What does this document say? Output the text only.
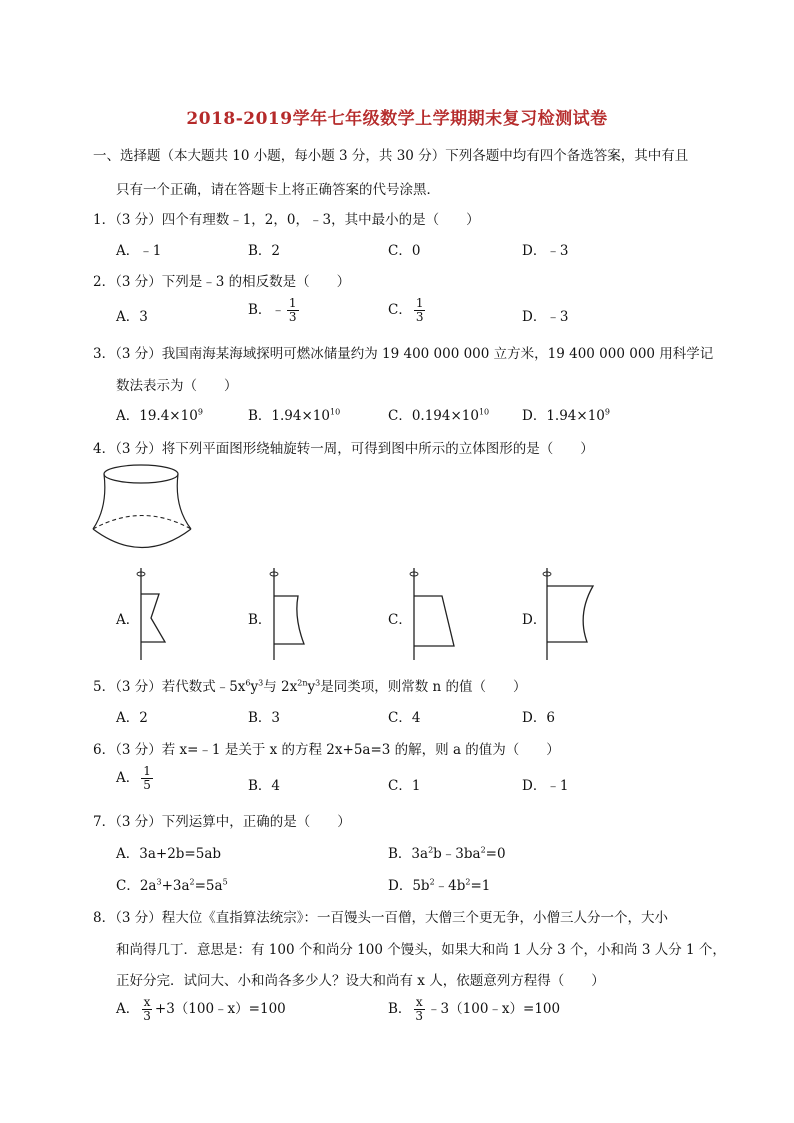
2018-2019学年七年级数学上学期期末复习检测试卷
一、选择题（本大题共 10 小题，每小题 3 分，共 30 分）下列各题中均有四个备选答案，其中有且
只有一个正确，请在答题卡上将正确答案的代号涂黑．
1．（3 分）四个有理数﹣1，2，0，﹣3，其中最小的是（　　）
A．﹣1	B．2	C．0	D．﹣3
2．（3 分）下列是﹣3 的相反数是（　　）
A．3	B．﹣ $\frac{1}{3}$	C． $\frac{1}{3}$	D．﹣3
3．（3 分）我国南海某海域探明可燃冰储量约为 19 400 000 000 立方米，19 400 000 000 用科学记
数法表示为（　　）
A．$19.4\times 10^9$	B．$1.94\times 10^{10}$	C．$0.194\times 10^{10}$ D．$1.94\times 10^9$
4．（3 分）将下列平面图形绕轴旋转一周，可得到图中所示的立体图形的是（　　）
A．	B．	C．	D．
5．（3 分）若代数式$﹣5x^6y^3$与 $2x^{2n}y^3$是同类项，则常数 n 的值（　　）
A．2	B．3	C．4	D．6
6．（3 分）若 x=﹣1 是关于 x 的方程 2x+5a=3 的解，则 a 的值为（　　）
A． $\frac{1}{5}$	B．4	C．1	D．﹣1
7．（3 分）下列运算中，正确的是（　　）
A．3a+2b=5ab	B．$3a^2b﹣3ba^2=0$
C．$2a^3+3a^2=5a^5$	D．$5b^2﹣4b^2=1$
8．（3 分）程大位《直指算法统宗》：一百馒头一百僧，大僧三个更无争，小僧三人分一个，大小
和尚得几丁．意思是：有 100 个和尚分 100 个馒头，如果大和尚 1 人分 3 个，小和尚 3 人分 1 个，
正好分完．试问大、小和尚各多少人？设大和尚有 x 人，依题意列方程得（　　）
A． $\frac{x}{3}$ +3（100﹣x）=100	B． $\frac{x}{3}$ ﹣3（100﹣x）=100
